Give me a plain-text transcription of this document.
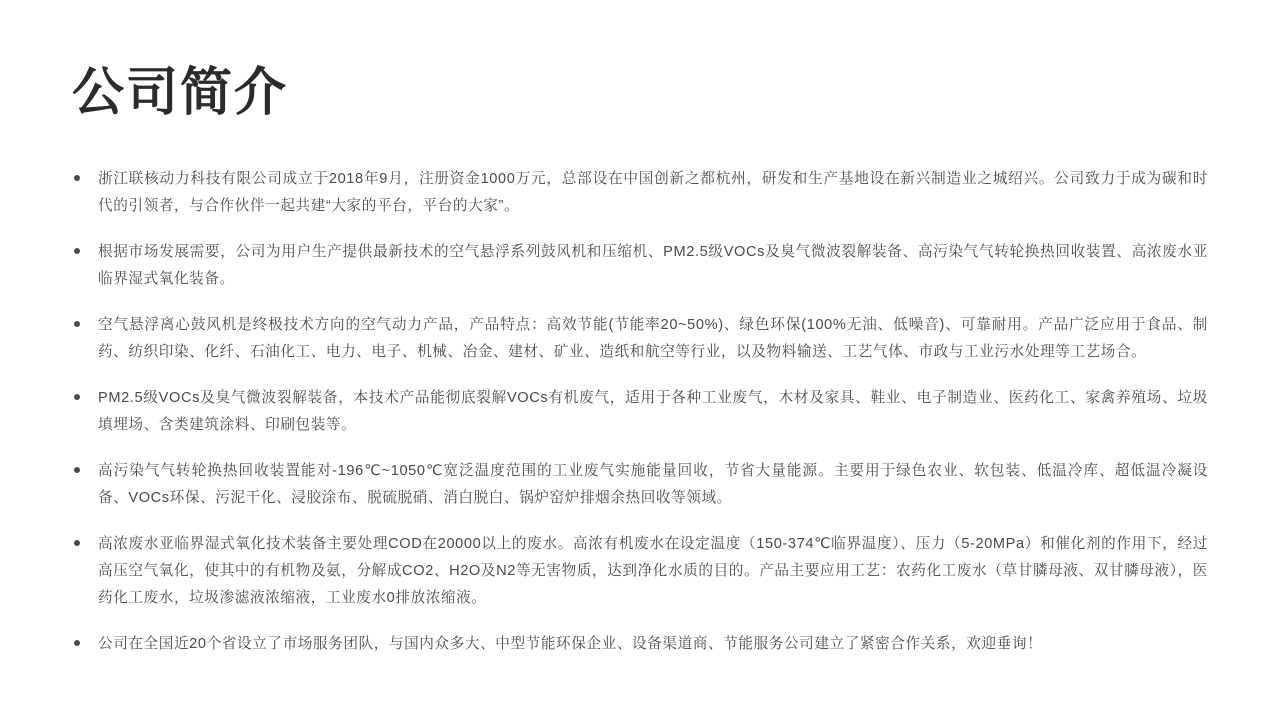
公司简介
浙江联核动力科技有限公司成立于2018年9月，注册资金1000万元，总部设在中国创新之都杭州，研发和生产基地设在新兴制造业之城绍兴。公司致力于成为碳和时代的引领者，与合作伙伴一起共建“大家的平台，平台的大家”。
根据市场发展需要，公司为用户生产提供最新技术的空气悬浮系列鼓风机和压缩机、PM2.5级VOCs及臭气微波裂解装备、高污染气气转轮换热回收装置、高浓废水亚临界湿式氧化装备。
空气悬浮离心鼓风机是终极技术方向的空气动力产品，产品特点：高效节能(节能率20~50%)、绿色环保(100%无油、低噪音)、可靠耐用。产品广泛应用于食品、制药、纺织印染、化纤、石油化工、电力、电子、机械、冶金、建材、矿业、造纸和航空等行业，以及物料输送、工艺气体、市政与工业污水处理等工艺场合。
PM2.5级VOCs及臭气微波裂解装备，本技术产品能彻底裂解VOCs有机废气，适用于各种工业废气，木材及家具、鞋业、电子制造业、医药化工、家禽养殖场、垃圾填埋场、含类建筑涂料、印刷包装等。
高污染气气转轮换热回收装置能对-196℃~1050℃宽泛温度范围的工业废气实施能量回收，节省大量能源。主要用于绿色农业、软包装、低温冷库、超低温冷凝设备、VOCs环保、污泥干化、浸胶涂布、脱硫脱硝、消白脱白、锅炉窑炉排烟余热回收等领域。
高浓废水亚临界湿式氧化技术装备主要处理COD在20000以上的废水。高浓有机废水在设定温度（150-374℃临界温度）、压力（5-20MPa）和催化剂的作用下，经过高压空气氧化，使其中的有机物及氨，分解成CO2、H2O及N2等无害物质，达到净化水质的目的。产品主要应用工艺：农药化工废水（草甘膦母液、双甘膦母液），医药化工废水，垃圾渗滤液浓缩液，工业废水0排放浓缩液。
公司在全国近20个省设立了市场服务团队，与国内众多大、中型节能环保企业、设备渠道商、节能服务公司建立了紧密合作关系，欢迎垂询！
